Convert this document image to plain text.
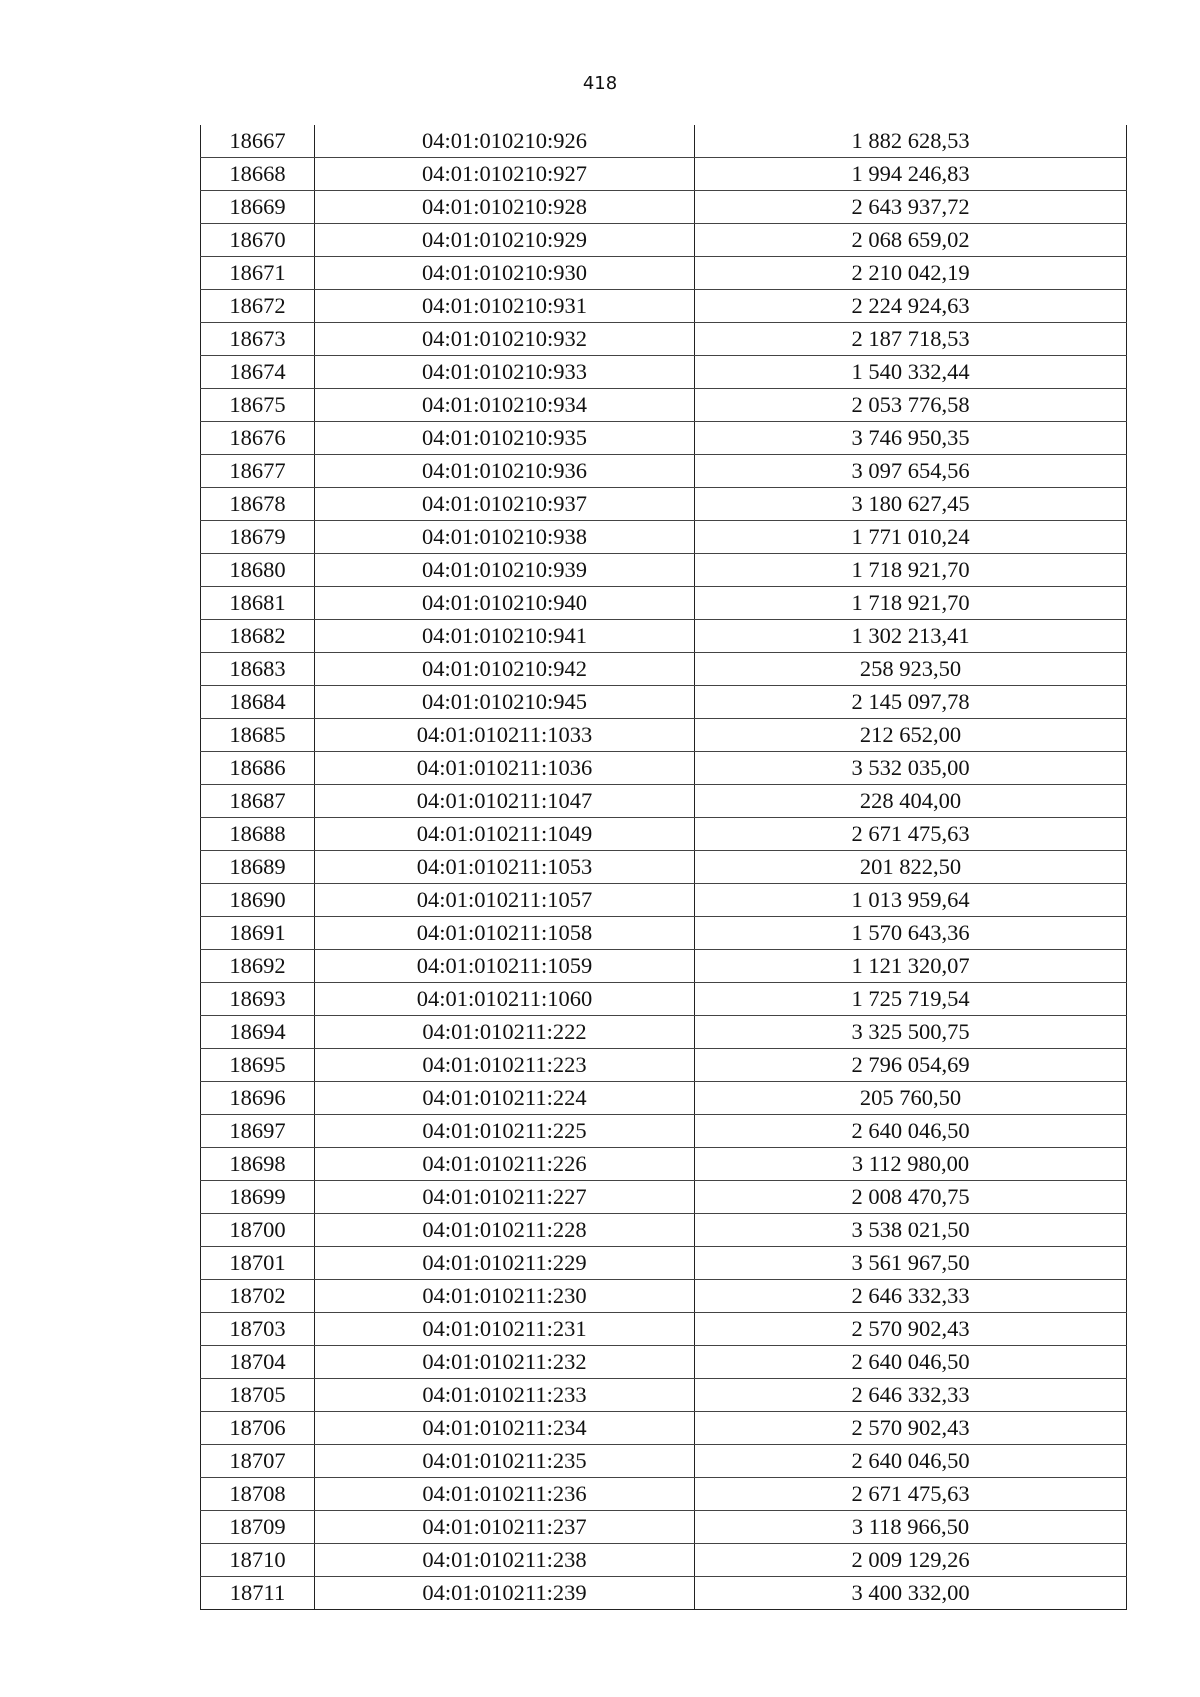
418
18667	04:01:010210:926	1 882 628,53
18668	04:01:010210:927	1 994 246,83
18669	04:01:010210:928	2 643 937,72
18670	04:01:010210:929	2 068 659,02
18671	04:01:010210:930	2 210 042,19
18672	04:01:010210:931	2 224 924,63
18673	04:01:010210:932	2 187 718,53
18674	04:01:010210:933	1 540 332,44
18675	04:01:010210:934	2 053 776,58
18676	04:01:010210:935	3 746 950,35
18677	04:01:010210:936	3 097 654,56
18678	04:01:010210:937	3 180 627,45
18679	04:01:010210:938	1 771 010,24
18680	04:01:010210:939	1 718 921,70
18681	04:01:010210:940	1 718 921,70
18682	04:01:010210:941	1 302 213,41
18683	04:01:010210:942	258 923,50
18684	04:01:010210:945	2 145 097,78
18685	04:01:010211:1033	212 652,00
18686	04:01:010211:1036	3 532 035,00
18687	04:01:010211:1047	228 404,00
18688	04:01:010211:1049	2 671 475,63
18689	04:01:010211:1053	201 822,50
18690	04:01:010211:1057	1 013 959,64
18691	04:01:010211:1058	1 570 643,36
18692	04:01:010211:1059	1 121 320,07
18693	04:01:010211:1060	1 725 719,54
18694	04:01:010211:222	3 325 500,75
18695	04:01:010211:223	2 796 054,69
18696	04:01:010211:224	205 760,50
18697	04:01:010211:225	2 640 046,50
18698	04:01:010211:226	3 112 980,00
18699	04:01:010211:227	2 008 470,75
18700	04:01:010211:228	3 538 021,50
18701	04:01:010211:229	3 561 967,50
18702	04:01:010211:230	2 646 332,33
18703	04:01:010211:231	2 570 902,43
18704	04:01:010211:232	2 640 046,50
18705	04:01:010211:233	2 646 332,33
18706	04:01:010211:234	2 570 902,43
18707	04:01:010211:235	2 640 046,50
18708	04:01:010211:236	2 671 475,63
18709	04:01:010211:237	3 118 966,50
18710	04:01:010211:238	2 009 129,26
18711	04:01:010211:239	3 400 332,00
